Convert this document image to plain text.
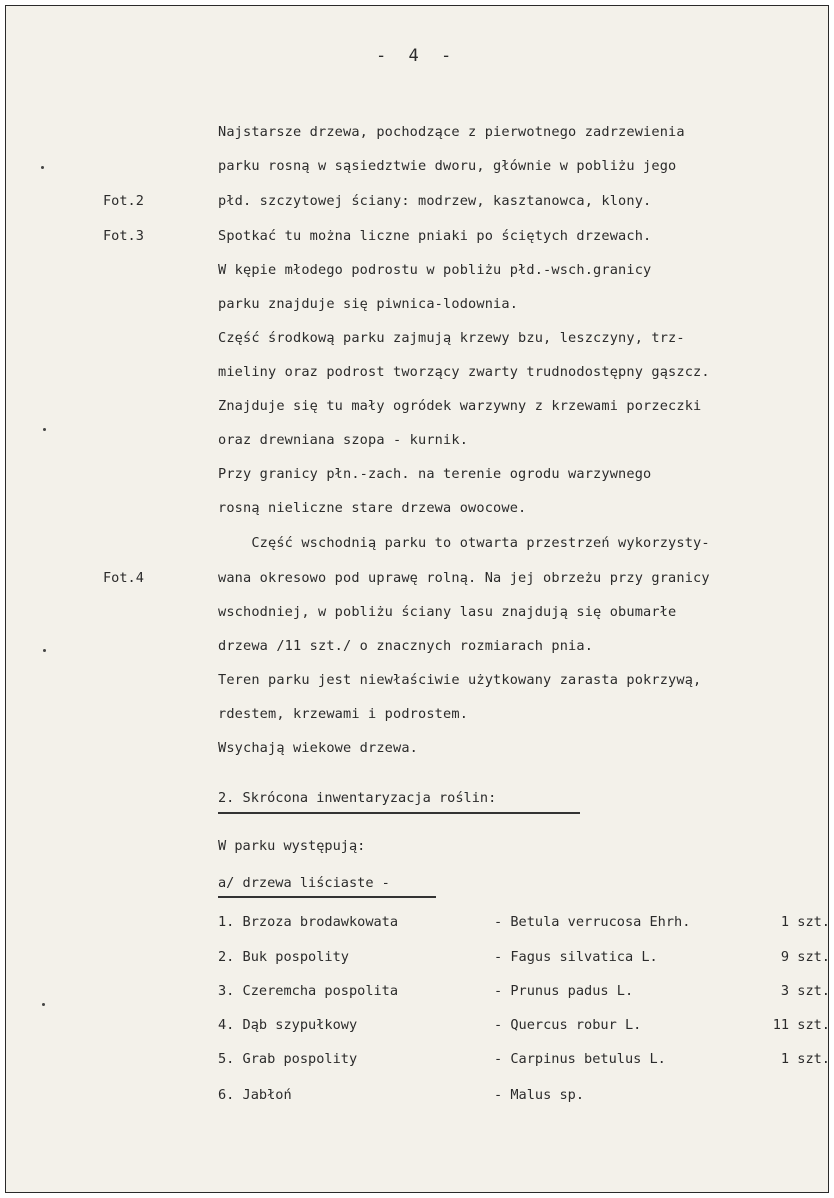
- 4 -
Fot.2
Fot.3
Fot.4
Najstarsze drzewa, pochodzące z pierwotnego zadrzewienia
parku rosną w sąsiedztwie dworu, głównie w pobliżu jego
płd. szczytowej ściany: modrzew, kasztanowca, klony.
Spotkać tu można liczne pniaki po ściętych drzewach.
W kępie młodego podrostu w pobliżu płd.-wsch.granicy
parku znajduje się piwnica-lodownia.
Część środkową parku zajmują krzewy bzu, leszczyny, trz-
mieliny oraz podrost tworzący zwarty trudnodostępny gąszcz.
Znajduje się tu mały ogródek warzywny z krzewami porzeczki
oraz drewniana szopa - kurnik.
Przy granicy płn.-zach. na terenie ogrodu warzywnego
rosną nieliczne stare drzewa owocowe.
Część wschodnią parku to otwarta przestrzeń wykorzysty-
wana okresowo pod uprawę rolną. Na jej obrzeżu przy granicy
wschodniej, w pobliżu ściany lasu znajdują się obumarłe
drzewa /11 szt./ o znacznych rozmiarach pnia.
Teren parku jest niewłaściwie użytkowany zarasta pokrzywą,
rdestem, krzewami i podrostem.
Wsychają wiekowe drzewa.
2. Skrócona inwentaryzacja roślin:
W parku występują:
a/ drzewa liściaste -
1. Brzoza brodawkowata	- Betula verrucosa Ehrh.	1 szt.
2. Buk pospolity	- Fagus silvatica L.	9 szt.
3. Czeremcha pospolita	- Prunus padus L.	3 szt.
4. Dąb szypułkowy	- Quercus robur L.	11 szt.
5. Grab pospolity	- Carpinus betulus L.	1 szt.
6. Jabłoń	- Malus sp.
